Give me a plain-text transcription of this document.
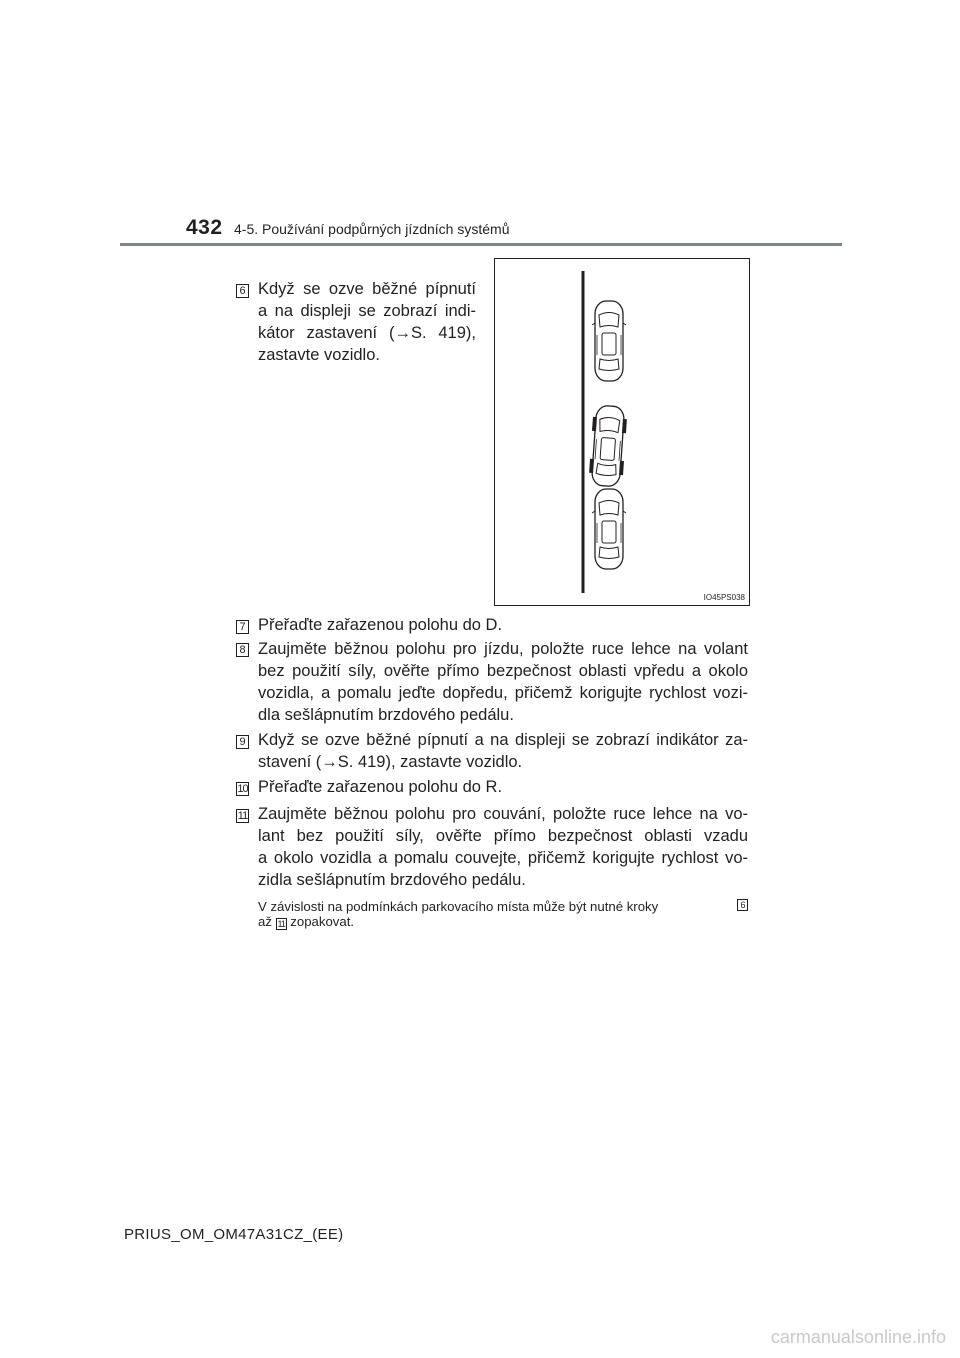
432 4-5. Používání podpůrných jízdních systémů
6 Když se ozve běžné pípnutí
a na displeji se zobrazí indi-
kátor zastavení (→S. 419),
zastavte vozidlo.
IO45PS038
7 Přeřaďte zařazenou polohu do D.
8 Zaujměte běžnou polohu pro jízdu, položte ruce lehce na volant
bez použití síly, ověřte přímo bezpečnost oblasti vpředu a okolo
vozidla, a pomalu jeďte dopředu, přičemž korigujte rychlost vozi-
dla sešlápnutím brzdového pedálu.
9 Když se ozve běžné pípnutí a na displeji se zobrazí indikátor za-
stavení (→S. 419), zastavte vozidlo.
10 Přeřaďte zařazenou polohu do R.
11 Zaujměte běžnou polohu pro couvání, položte ruce lehce na vo-
lant bez použití síly, ověřte přímo bezpečnost oblasti vzadu
a okolo vozidla a pomalu couvejte, přičemž korigujte rychlost vo-
zidla sešlápnutím brzdového pedálu.
V závislosti na podmínkách parkovacího místa může být nutné kroky	6
až 11 zopakovat.
PRIUS_OM_OM47A31CZ_(EE)
carmanualsonline.info
